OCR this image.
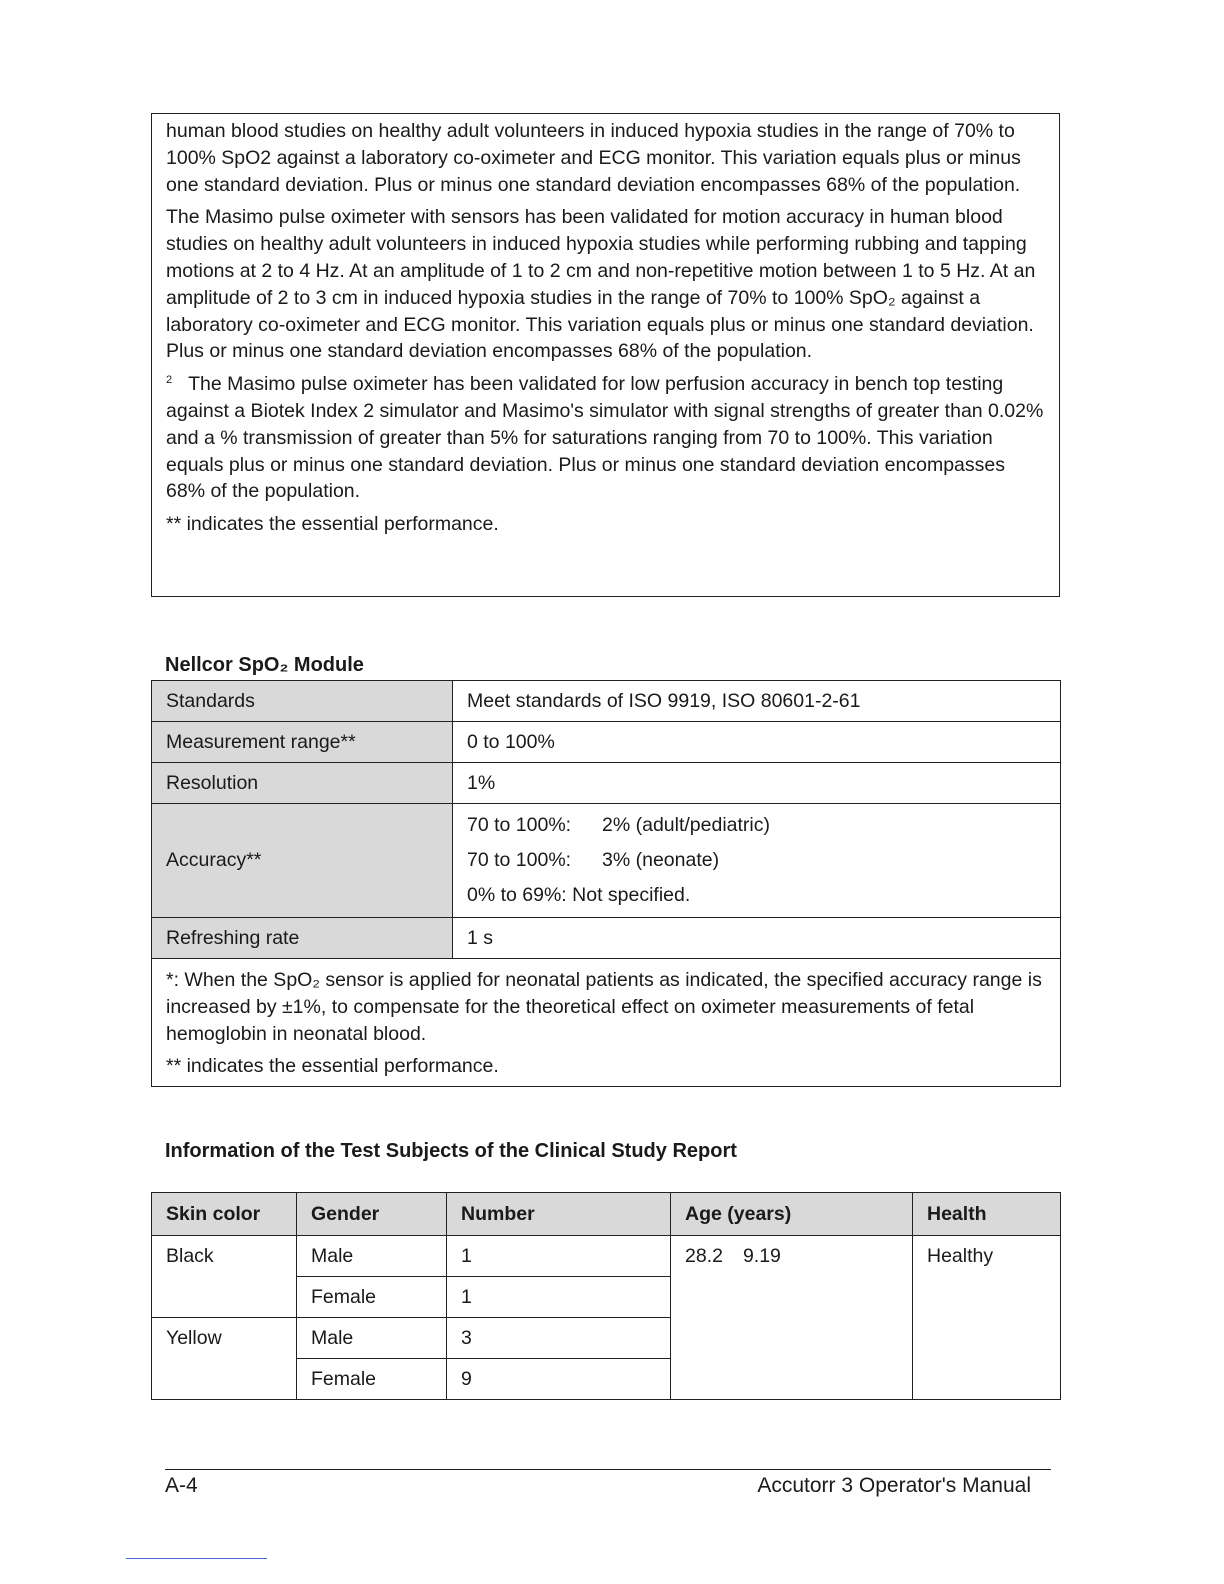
human blood studies on healthy adult volunteers in induced hypoxia studies in the range of 70% to 100% SpO2 against a laboratory co-oximeter and ECG monitor. This variation equals plus or minus one standard deviation. Plus or minus one standard deviation encompasses 68% of the population.

The Masimo pulse oximeter with sensors has been validated for motion accuracy in human blood studies on healthy adult volunteers in induced hypoxia studies while performing rubbing and tapping motions at 2 to 4 Hz. At an amplitude of 1 to 2 cm and non-repetitive motion between 1 to 5 Hz. At an amplitude of 2 to 3 cm in induced hypoxia studies in the range of 70% to 100% SpO₂ against a laboratory co-oximeter and ECG monitor. This variation equals plus or minus one standard deviation. Plus or minus one standard deviation encompasses 68% of the population.

$^2$ The Masimo pulse oximeter has been validated for low perfusion accuracy in bench top testing against a Biotek Index 2 simulator and Masimo's simulator with signal strengths of greater than 0.02% and a % transmission of greater than 5% for saturations ranging from 70 to 100%. This variation equals plus or minus one standard deviation. Plus or minus one standard deviation encompasses 68% of the population.

** indicates the essential performance.

Nellcor SpO₂ Module
Standards	Meet standards of ISO 9919, ISO 80601-2-61
Measurement range**	0 to 100%
Resolution	1%
Accuracy**	70 to 100%: 2% (adult/pediatric)
70 to 100%: 3% (neonate)
0% to 69%: Not specified.

Refreshing rate	1 s

*: When the SpO₂ sensor is applied for neonatal patients as indicated, the specified accuracy range is increased by ±1%, to compensate for the theoretical effect on oximeter measurements of fetal hemoglobin in neonatal blood.

** indicates the essential performance.	

Information of the Test Subjects of the Clinical Study Report
Skin color	Gender	Number	Age (years)	Health
Black	Male	1	28.2 9.19	Healthy
	Female	1		
Yellow	Male	3		
	Female	9		
A-4	Accutorr 3 Operator's Manual
